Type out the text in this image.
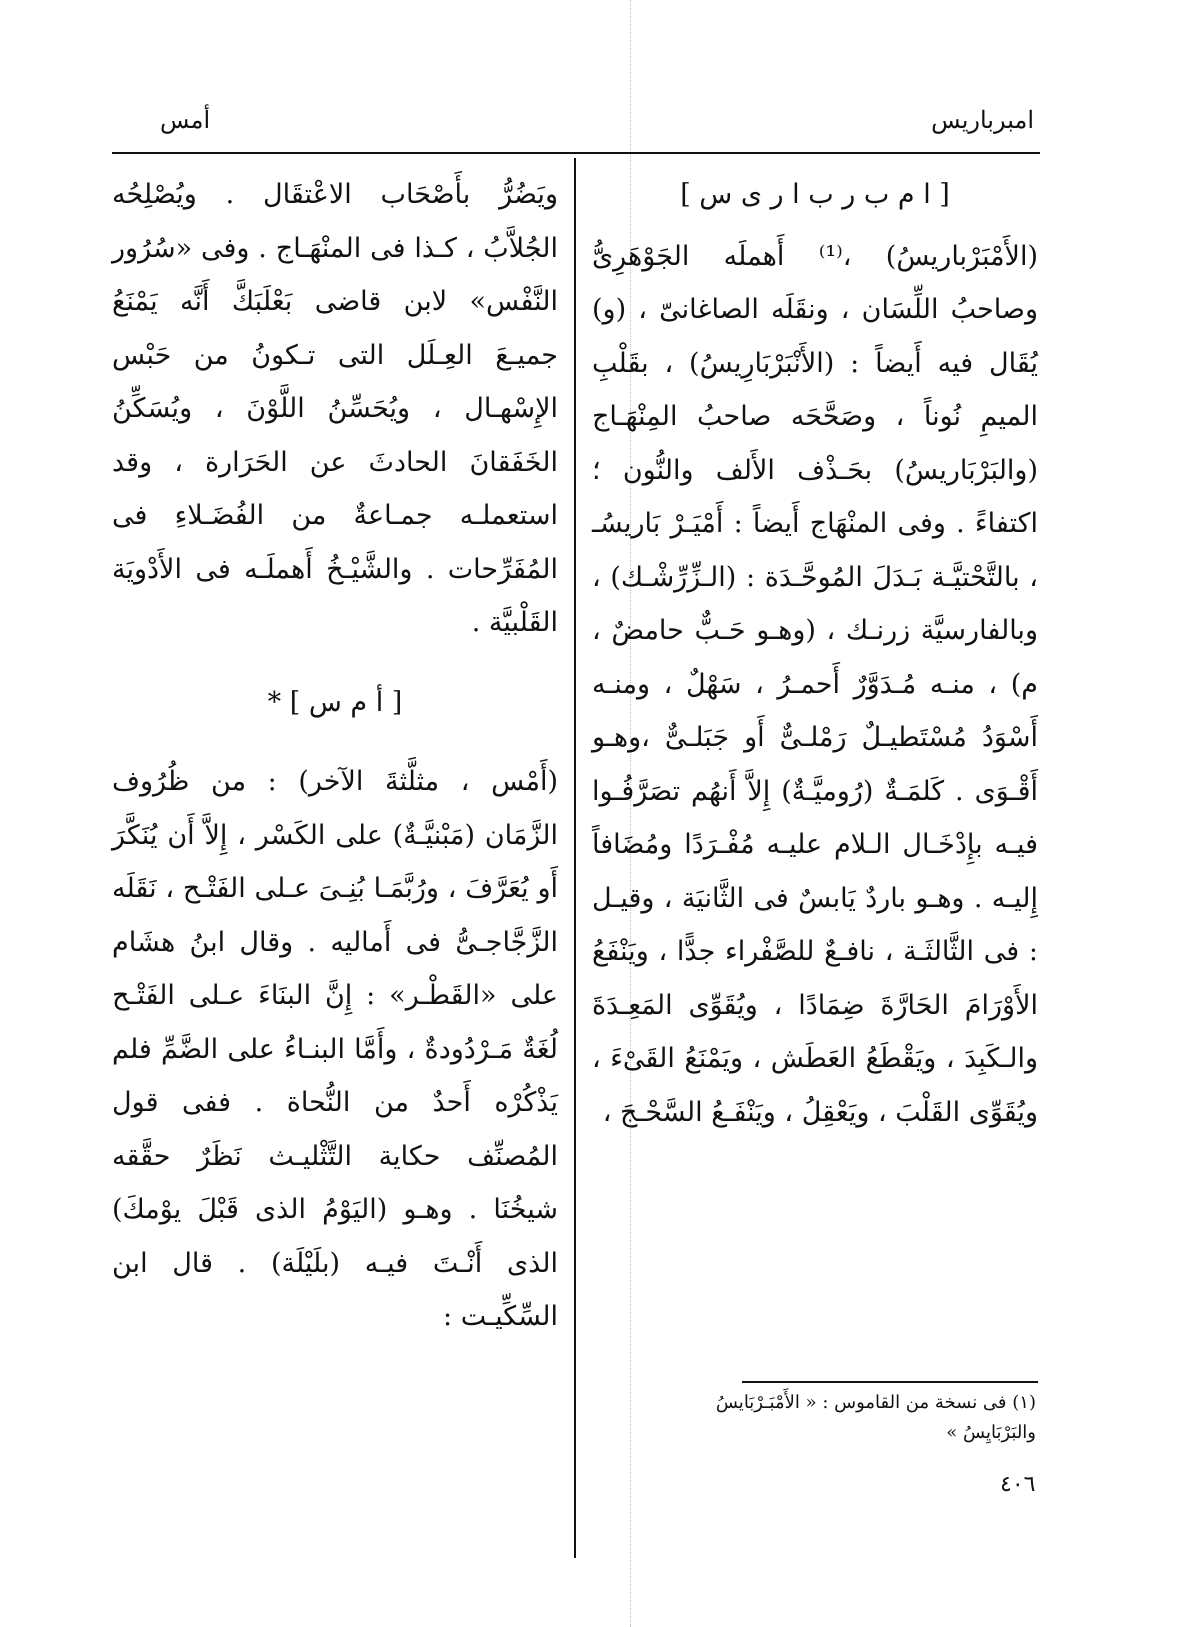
أمس	امبرباريس

[ ا م ب ر ب ا ر ى س ]

(الأَمْبَرْباريسُ) ،⁽¹⁾ أَهملَه الجَوْهَرِىُّ وصاحبُ اللِّسَان ، ونقَلَه الصاغانىّ ، (و) يُقَال فيه أَيضاً : (الأَنْبَرْبَارِيسُ) ، بقَلْبِ الميمِ نُوناً ، وصَحَّحَه صاحبُ المِنْهَـاج (والبَرْبَاريسُ) بحَـذْف الأَلف والنُّون ؛ اكتفاءً . وفى المنْهَاج أَيضاً : أَمْيَـرْ بَاريسُـ ، بالتَّحْتيَّـة بَـدَلَ المُوحَّـدَة : (الـزِّرِّشْـك) ، وبالفارسيَّة زرنـك ، (وهـو حَـبٌّ حامضٌ ، م) ، منـه مُـدَوَّرٌ أَحمـرُ ، سَهْلٌ ، ومنـه أَسْوَدُ مُسْتَطيـلٌ رَمْلـىٌّ أَو جَبَلـىٌّ ،وهـو أَقْـوَى . كَلمَـةٌ (رُوميَّـةٌ) إِلاَّ أَنهُم تصَرَّفُـوا فيـه بإِدْخَـال الـلام عليـه مُفْـرَدًا ومُضَافاً إِليـه . وهـو باردٌ يَابسٌ فى الثَّانيَة ، وقيـل : فى الثَّالثَـة ، نافـعٌ للصَّفْراء جدًّا ، ويَنْفَعُ الأَوْرَامَ الحَارَّةَ ضِمَادًا ، ويُقَوِّى المَعِـدَةَ والـكَبِدَ ، ويَقْطَعُ العَطَش ، ويَمْنَعُ القَىْءَ ، ويُقَوِّى القَلْبَ ، ويَعْقِلُ ، ويَنْفَـعُ السَّحْـجَ ،

ويَضُرُّ بأَصْحَاب الاعْتقَال . ويُصْلِحُه الجُلاَّبُ ، كـذا فى المنْهَـاج . وفى «سُرُور النَّفْس» لابن قاضى بَعْلَبَكَّ أَنَّه يَمْنَعُ جميـعَ العِـلَل التى تـكونُ من حَبْس الإِسْهـال ، ويُحَسِّنُ اللَّوْنَ ، ويُسَكِّنُ الخَفَقانَ الحادثَ عن الحَرَارة ، وقد استعملـه جمـاعةٌ من الفُضَـلاءِ فى المُفَرِّحات . والشَّيْـخُ أَهملَـه فى الأَدْويَة القَلْبيَّة .

[ أ م س ] *

(أَمْس ، مثلَّثةَ الآخر) : من ظُرُوف الزَّمَان (مَبْنيَّـةٌ) على الكَسْر ، إِلاَّ أَن يُنَكَّرَ أَو يُعَرَّفَ ، ورُبَّمَـا بُنِـىَ عـلى الفَتْـح ، نَقَلَه الزَّجَّاجـىُّ فى أَماليه . وقال ابنُ هشَام على «القَطْـر» : إِنَّ البنَاءَ عـلى الفَتْـح لُغَةٌ مَـرْدُودةٌ ، وأَمَّا البنـاءُ على الضَّمِّ فلم يَذْكُرْه أَحدٌ من النُّحاة . ففى قول المُصنِّف حكاية التَّثْليـث نَظَرٌ حقَّقه شيخُنَا . وهـو (اليَوْمُ الذى قَبْلَ يوْمكَ) الذى أَنْـتَ فيـه (بلَيْلَة) . قال ابن السِّكِّيـت :

(١) فى نسخة من القاموس : « الأَمْبَـرْبَايسُ والبَرْبَايِسُ »
٤٠٦
